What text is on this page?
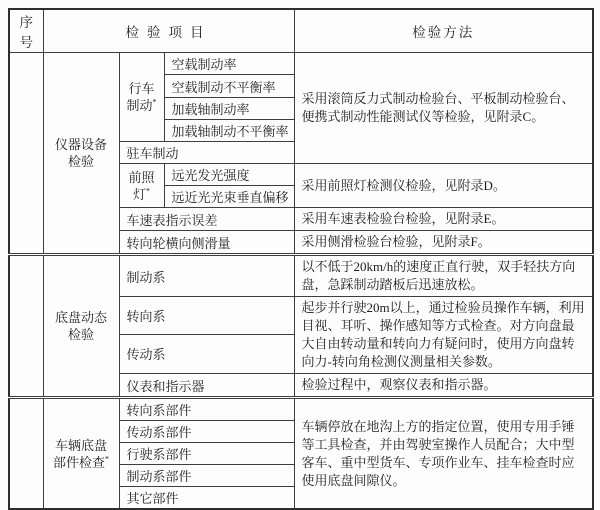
序号	检验项目			检验方法
	仪器设备检验	行车制动*	空载制动率	采用滚筒反力式制动检验台、平板制动检验台、便携式制动性能测试仪等检验，见附录C。
			空载制动不平衡率	
			加载轴制动率	
			加载轴制动不平衡率	
		驻车制动		
		前照灯*	远光发光强度	采用前照灯检测仪检验，见附录D。
			远近光光束垂直偏移	
		车速表指示误差		采用车速表检验台检验，见附录E。
		转向轮横向侧滑量		采用侧滑检验台检验，见附录F。
	底盘动态检验	制动系		以不低于20km/h的速度正直行驶，双手轻扶方向盘，急踩制动踏板后迅速放松。
		转向系		起步并行驶20m以上，通过检验员操作车辆，利用目视、耳听、操作感知等方式检查。对方向盘最大自由转动量和转向力有疑问时，使用方向盘转向力-转向角检测仪测量相关参数。
		传动系		
		仪表和指示器		检验过程中，观察仪表和指示器。
	车辆底盘部件检查*	转向系部件		车辆停放在地沟上方的指定位置，使用专用手锤等工具检查，并由驾驶室操作人员配合；大中型客车、重中型货车、专项作业车、挂车检查时应使用底盘间隙仪。
		传动系部件		
		行驶系部件		
		制动系部件		
		其它部件		
